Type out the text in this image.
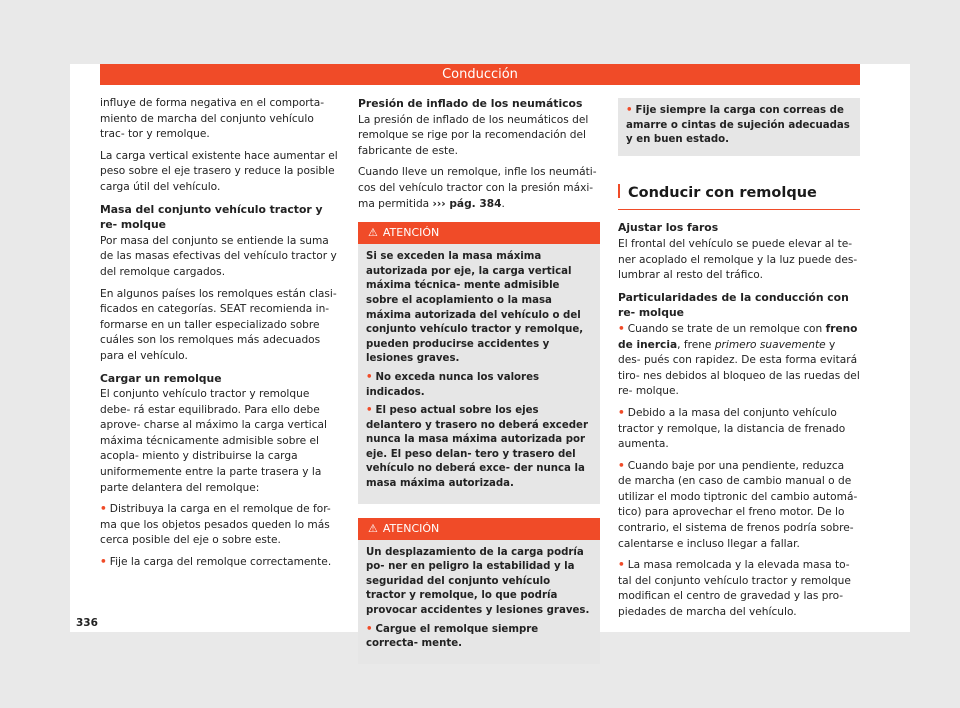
Conducción

influye de forma negativa en el comporta- miento de marcha del conjunto vehículo trac- tor y remolque.

La carga vertical existente hace aumentar el peso sobre el eje trasero y reduce la posible carga útil del vehículo.

Masa del conjunto vehículo tractor y re- molque

Por masa del conjunto se entiende la suma de las masas efectivas del vehículo tractor y del remolque cargados.

En algunos países los remolques están clasi- ficados en categorías. SEAT recomienda in- formarse en un taller especializado sobre cuáles son los remolques más adecuados para el vehículo.

Cargar un remolque

El conjunto vehículo tractor y remolque debe- rá estar equilibrado. Para ello debe aprove- charse al máximo la carga vertical máxima técnicamente admisible sobre el acopla- miento y distribuirse la carga uniformemente entre la parte trasera y la parte delantera del remolque:

• Distribuya la carga en el remolque de for- ma que los objetos pesados queden lo más cerca posible del eje o sobre este.

• Fije la carga del remolque correctamente.

Presión de inflado de los neumáticos

La presión de inflado de los neumáticos del remolque se rige por la recomendación del fabricante de este.

Cuando lleve un remolque, infle los neumáti- cos del vehículo tractor con la presión máxi- ma permitida ››› pág. 384.

⚠ ATENCIÓN

Si se exceden la masa máxima autorizada por eje, la carga vertical máxima técnica- mente admisible sobre el acoplamiento o la masa máxima autorizada del vehículo o del conjunto vehículo tractor y remolque, pueden producirse accidentes y lesiones graves.

• No exceda nunca los valores indicados.

• El peso actual sobre los ejes delantero y trasero no deberá exceder nunca la masa máxima autorizada por eje. El peso delan- tero y trasero del vehículo no deberá exce- der nunca la masa máxima autorizada.

⚠ ATENCIÓN

Un desplazamiento de la carga podría po- ner en peligro la estabilidad y la seguridad del conjunto vehículo tractor y remolque, lo que podría provocar accidentes y lesiones graves.

• Cargue el remolque siempre correcta- mente.

• Fije siempre la carga con correas de amarre o cintas de sujeción adecuadas y en buen estado.
Conducir con remolque
Ajustar los faros

El frontal del vehículo se puede elevar al te- ner acoplado el remolque y la luz puede des- lumbrar al resto del tráfico.

Particularidades de la conducción con re- molque

• Cuando se trate de un remolque con freno de inercia, frene primero suavemente y des- pués con rapidez. De esta forma evitará tiro- nes debidos al bloqueo de las ruedas del re- molque.

• Debido a la masa del conjunto vehículo tractor y remolque, la distancia de frenado aumenta.

• Cuando baje por una pendiente, reduzca de marcha (en caso de cambio manual o de utilizar el modo tiptronic del cambio automá- tico) para aprovechar el freno motor. De lo contrario, el sistema de frenos podría sobre- calentarse e incluso llegar a fallar.

• La masa remolcada y la elevada masa to- tal del conjunto vehículo tractor y remolque modifican el centro de gravedad y las pro- piedades de marcha del vehículo.

336
